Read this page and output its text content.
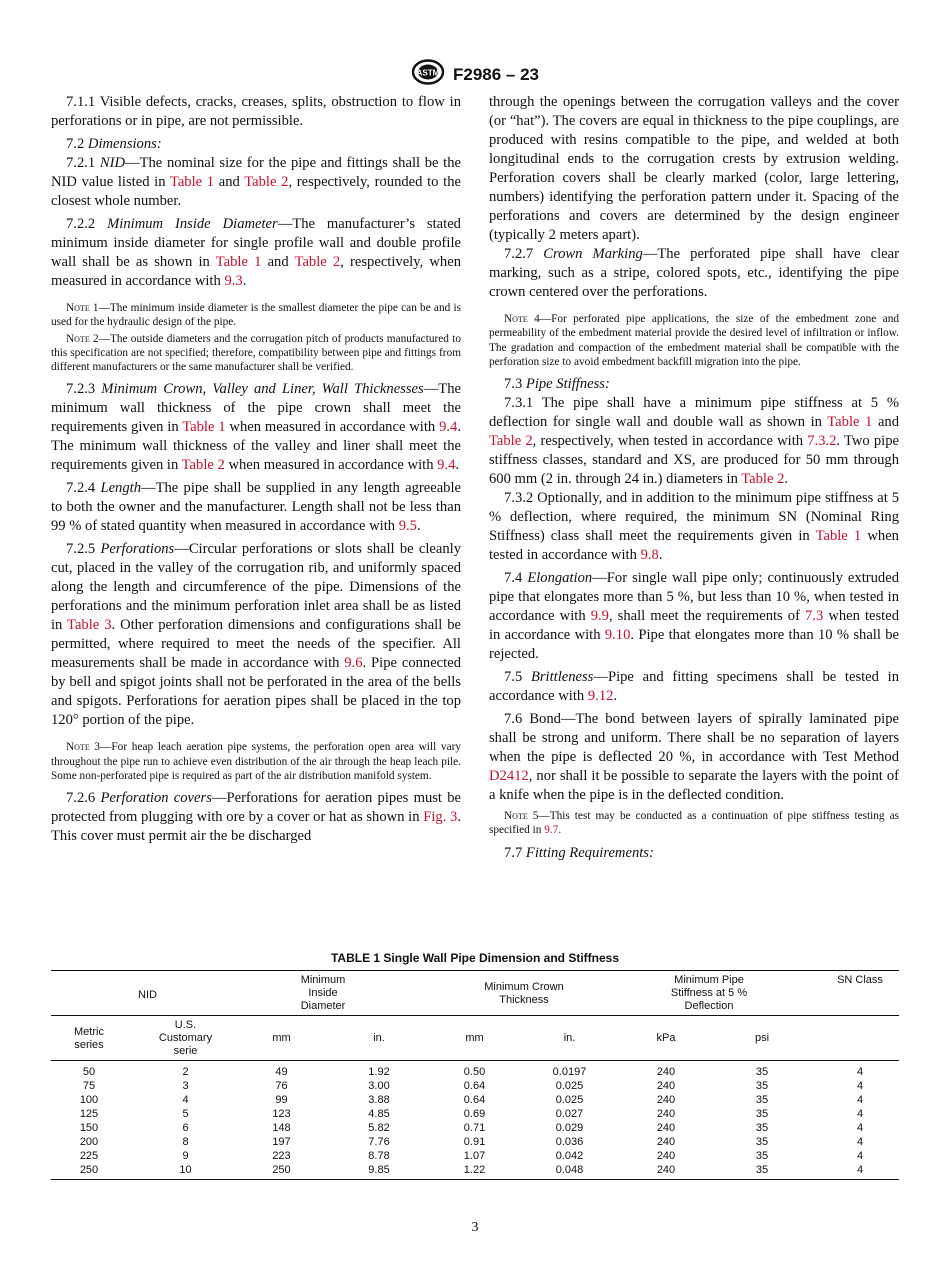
ASTM F2986 – 23

7.1.1 Visible defects, cracks, creases, splits, obstruction to flow in perforations or in pipe, are not permissible.

7.2 Dimensions:

7.2.1 NID—The nominal size for the pipe and fittings shall be the NID value listed in Table 1 and Table 2, respectively, rounded to the closest whole number.

7.2.2 Minimum Inside Diameter—The manufacturer’s stated minimum inside diameter for single profile wall and double profile wall shall be as shown in Table 1 and Table 2, respectively, when measured in accordance with 9.3.

Note 1—The minimum inside diameter is the smallest diameter the pipe can be and is used for the hydraulic design of the pipe.

Note 2—The outside diameters and the corrugation pitch of products manufactured to this specification are not specified; therefore, compatibility between pipe and fittings from different manufacturers or the same manufacturer shall be verified.

7.2.3 Minimum Crown, Valley and Liner, Wall Thicknesses—The minimum wall thickness of the pipe crown shall meet the requirements given in Table 1 when measured in accordance with 9.4. The minimum wall thickness of the valley and liner shall meet the requirements given in Table 2 when measured in accordance with 9.4.

7.2.4 Length—The pipe shall be supplied in any length agreeable to both the owner and the manufacturer. Length shall not be less than 99 % of stated quantity when measured in accordance with 9.5.

7.2.5 Perforations—Circular perforations or slots shall be cleanly cut, placed in the valley of the corrugation rib, and uniformly spaced along the length and circumference of the pipe. Dimensions of the perforations and the minimum perforation inlet area shall be as listed in Table 3. Other perforation dimensions and configurations shall be permitted, where required to meet the needs of the specifier. All measurements shall be made in accordance with 9.6. Pipe connected by bell and spigot joints shall not be perforated in the area of the bells and spigots. Perforations for aeration pipes shall be placed in the top 120° portion of the pipe.

Note 3—For heap leach aeration pipe systems, the perforation open area will vary throughout the pipe run to achieve even distribution of the air through the heap leach pile. Some non-perforated pipe is required as part of the air distribution manifold system.

7.2.6 Perforation covers—Perforations for aeration pipes must be protected from plugging with ore by a cover or hat as shown in Fig. 3. This cover must permit air the be discharged

through the openings between the corrugation valleys and the cover (or “hat”). The covers are equal in thickness to the pipe couplings, are produced with resins compatible to the pipe, and welded at both longitudinal ends to the corrugation crests by extrusion welding. Perforation covers shall be clearly marked (color, large lettering, numbers) identifying the perforation pattern under it. Spacing of the perforations and covers are determined by the design engineer (typically 2 meters apart).

7.2.7 Crown Marking—The perforated pipe shall have clear marking, such as a stripe, colored spots, etc., identifying the pipe crown centered over the perforations.

Note 4—For perforated pipe applications, the size of the embedment zone and permeability of the embedment material provide the desired level of infiltration or inflow. The gradation and compaction of the embedment material shall be compatible with the perforation size to avoid embedment backfill migration into the pipe.

7.3 Pipe Stiffness:

7.3.1 The pipe shall have a minimum pipe stiffness at 5 % deflection for single wall and double wall as shown in Table 1 and Table 2, respectively, when tested in accordance with 7.3.2. Two pipe stiffness classes, standard and XS, are produced for 50 mm through 600 mm (2 in. through 24 in.) diameters in Table 2.

7.3.2 Optionally, and in addition to the minimum pipe stiffness at 5 % deflection, where required, the minimum SN (Nominal Ring Stiffness) class shall meet the requirements given in Table 1 when tested in accordance with 9.8.

7.4 Elongation—For single wall pipe only; continuously extruded pipe that elongates more than 5 %, but less than 10 %, when tested in accordance with 9.9, shall meet the requirements of 7.3 when tested in accordance with 9.10. Pipe that elongates more than 10 % shall be rejected.

7.5 Brittleness—Pipe and fitting specimens shall be tested in accordance with 9.12.

7.6 Bond—The bond between layers of spirally laminated pipe shall be strong and uniform. There shall be no separation of layers when the pipe is deflected 20 %, in accordance with Test Method D2412, nor shall it be possible to separate the layers with the point of a knife when the pipe is in the deflected condition.

Note 5—This test may be conducted as a continuation of pipe stiffness testing as specified in 9.7.

7.7 Fitting Requirements:

TABLE 1 Single Wall Pipe Dimension and Stiffness
NID		Minimum Inside Diameter		Minimum Crown Thickness		Minimum Pipe Stiffness at 5 % Deflection		SN Class

Metric series	U.S. Customary serie	mm	in.	mm	in.	kPa	psi	
50	2	49	1.92	0.50	0.0197	240	35	4
75	3	76	3.00	0.64	0.025	240	35	4
100	4	99	3.88	0.64	0.025	240	35	4
125	5	123	4.85	0.69	0.027	240	35	4
150	6	148	5.82	0.71	0.029	240	35	4
200	8	197	7.76	0.91	0.036	240	35	4
225	9	223	8.78	1.07	0.042	240	35	4
250	10	250	9.85	1.22	0.048	240	35	4
3
